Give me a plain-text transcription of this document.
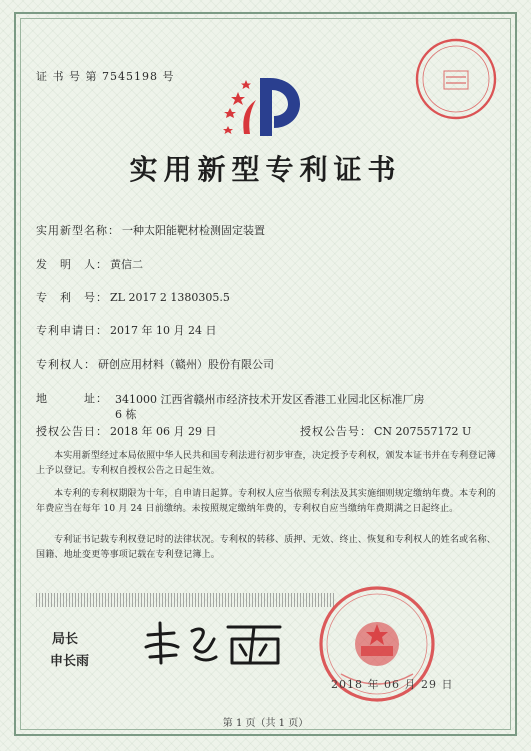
证 书 号 第 7545198 号
实用新型专利证书
实用新型名称： 一种太阳能靶材检测固定装置
发　明　人： 黄信二
专　利　号： ZL 2017 2 1380305.5
专利申请日： 2017 年 10 月 24 日
专利权人： 研创应用材料（赣州）股份有限公司
地　　　址： 341000 江西省赣州市经济技术开发区香港工业园北区标准厂房 6 栋
授权公告日： 2018 年 06 月 29 日	授权公告号： CN 207557172 U
本实用新型经过本局依照中华人民共和国专利法进行初步审查，决定授予专利权，颁发本证书并在专利登记簿上予以登记。专利权自授权公告之日起生效。
本专利的专利权期限为十年，自申请日起算。专利权人应当依照专利法及其实施细则规定缴纳年费。本专利的年费应当在每年 10 月 24 日前缴纳。未按照规定缴纳年费的，专利权自应当缴纳年费期满之日起终止。
专利证书记载专利权登记时的法律状况。专利权的转移、质押、无效、终止、恢复和专利权人的姓名或名称、国籍、地址变更等事项记载在专利登记簿上。
局长
申长雨
2018 年 06 月 29 日
第 1 页（共 1 页）
